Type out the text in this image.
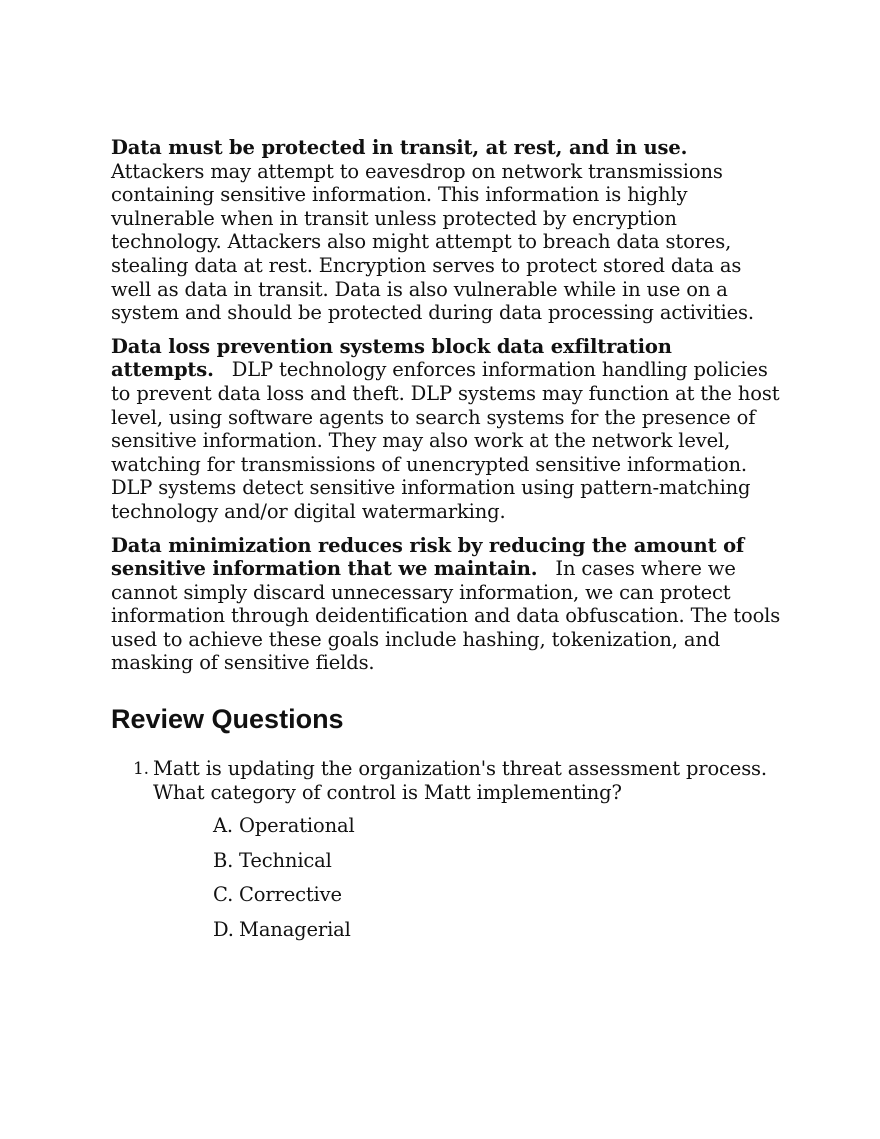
Data must be protected in transit, at rest, and in use.
Attackers may attempt to eavesdrop on network transmissions containing sensitive information. This information is highly vulnerable when in transit unless protected by encryption technology. Attackers also might attempt to breach data stores, stealing data at rest. Encryption serves to protect stored data as well as data in transit. Data is also vulnerable while in use on a system and should be protected during data processing activities.

Data loss prevention systems block data exfiltration attempts. DLP technology enforces information handling policies to prevent data loss and theft. DLP systems may function at the host level, using software agents to search systems for the presence of sensitive information. They may also work at the network level, watching for transmissions of unencrypted sensitive information. DLP systems detect sensitive information using pattern-matching technology and/or digital watermarking.

Data minimization reduces risk by reducing the amount of sensitive information that we maintain. In cases where we cannot simply discard unnecessary information, we can protect information through deidentification and data obfuscation. The tools used to achieve these goals include hashing, tokenization, and masking of sensitive fields.

Review Questions
1. Matt is updating the organization's threat assessment process. What category of control is Matt implementing?
A. Operational
B. Technical
C. Corrective
D. Managerial
